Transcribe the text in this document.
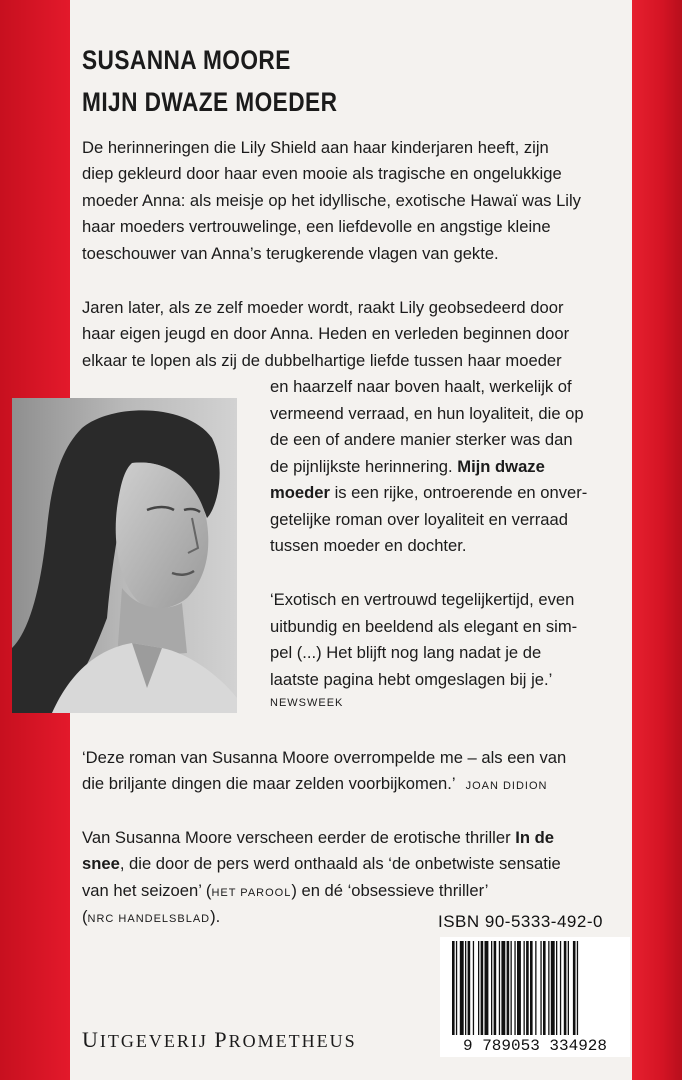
SUSANNA MOORE
MIJN DWAZE MOEDER
De herinneringen die Lily Shield aan haar kinderjaren heeft, zijn
diep gekleurd door haar even mooie als tragische en ongelukkige
moeder Anna: als meisje op het idyllische, exotische Hawaï was Lily
haar moeders vertrouwelinge, een liefdevolle en angstige kleine
toeschouwer van Anna’s terugkerende vlagen van gekte.
Jaren later, als ze zelf moeder wordt, raakt Lily geobsedeerd door
haar eigen jeugd en door Anna. Heden en verleden beginnen door
elkaar te lopen als zij de dubbelhartige liefde tussen haar moeder
en haarzelf naar boven haalt, werkelijk of
vermeend verraad, en hun loyaliteit, die op
de een of andere manier sterker was dan
de pijnlijkste herinnering. Mijn dwaze
moeder is een rijke, ontroerende en onver-
getelijke roman over loyaliteit en verraad
tussen moeder en dochter.
‘Exotisch en vertrouwd tegelijkertijd, even
uitbundig en beeldend als elegant en sim-
pel (...) Het blijft nog lang nadat je de
laatste pagina hebt omgeslagen bij je.’
NEWSWEEK
‘Deze roman van Susanna Moore overrompelde me – als een van
die briljante dingen die maar zelden voorbijkomen.’ JOAN DIDION
Van Susanna Moore verscheen eerder de erotische thriller In de
snee, die door de pers werd onthaald als ‘de onbetwiste sensatie
van het seizoen’ (HET PAROOL) en dé ‘obsessieve thriller’
(NRC HANDELSBLAD).	ISBN 90-5333-492-0
9 789053 334928
UITGEVERIJ PROMETHEUS
